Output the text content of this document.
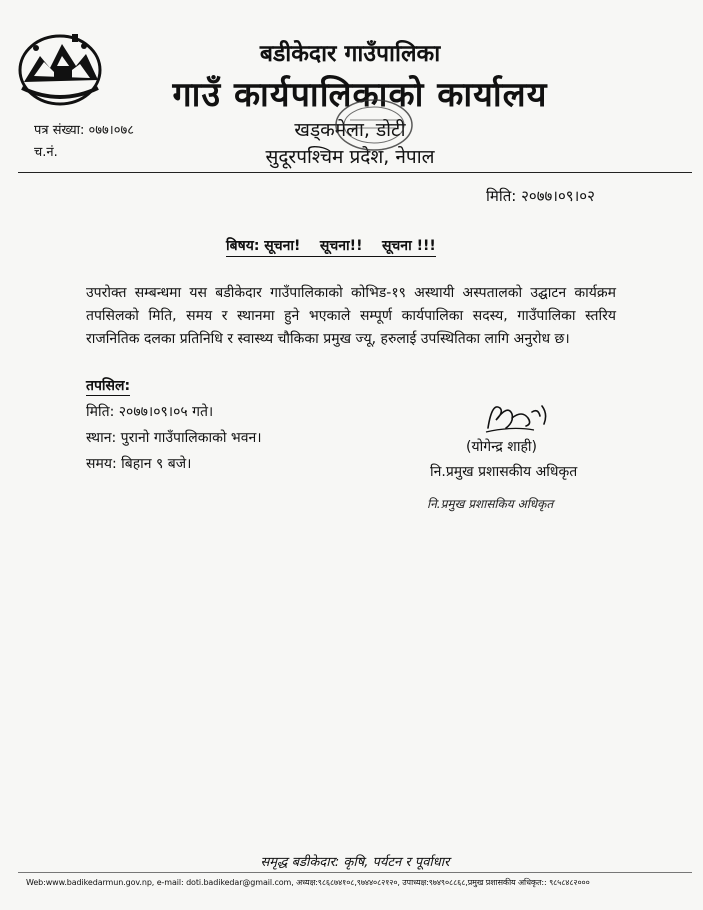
बडीकेदार गाउँपालिका
गाउँ कार्यपालिकाको कार्यालय
खड्कमेला, डोटी
सुदूरपश्चिम प्रदेश, नेपाल
पत्र संख्या: ०७७।०७८
च.नं.
मिति: २०७७।०९।०२
बिषय: सूचना!    सूचना!!    सूचना !!!
उपरोक्त सम्बन्धमा यस बडीकेदार गाउँपालिकाको कोभिड-१९ अस्थायी अस्पतालको उद्घाटन कार्यक्रम तपसिलको मिति, समय र स्थानमा हुने भएकाले सम्पूर्ण कार्यपालिका सदस्य, गाउँपालिका स्तरिय राजनितिक दलका प्रतिनिधि र स्वास्थ्य चौकिका प्रमुख ज्यू, हरुलाई उपस्थितिका लागि अनुरोध छ।
तपसिल:
मिति: २०७७।०९।०५ गते।
स्थान: पुरानो गाउँपालिकाको भवन।
समय: बिहान ९ बजे।
(योगेन्द्र शाही)
नि.प्रमुख प्रशासकीय अधिकृत
नि.प्रमुख प्रशासकिय अधिकृत
समृद्ध बडीकेदार: कृषि, पर्यटन र पूर्वाधार
Web:www.badikedarmun.gov.np, e-mail: doti.badikedar@gmail.com, अध्यक्ष:९८६८७४१०८,९७४४०८२१२०, उपाध्यक्ष:९७४९०८८६८,प्रमुख प्रशासकीय अधिकृत:: ९८५८४८२०००
